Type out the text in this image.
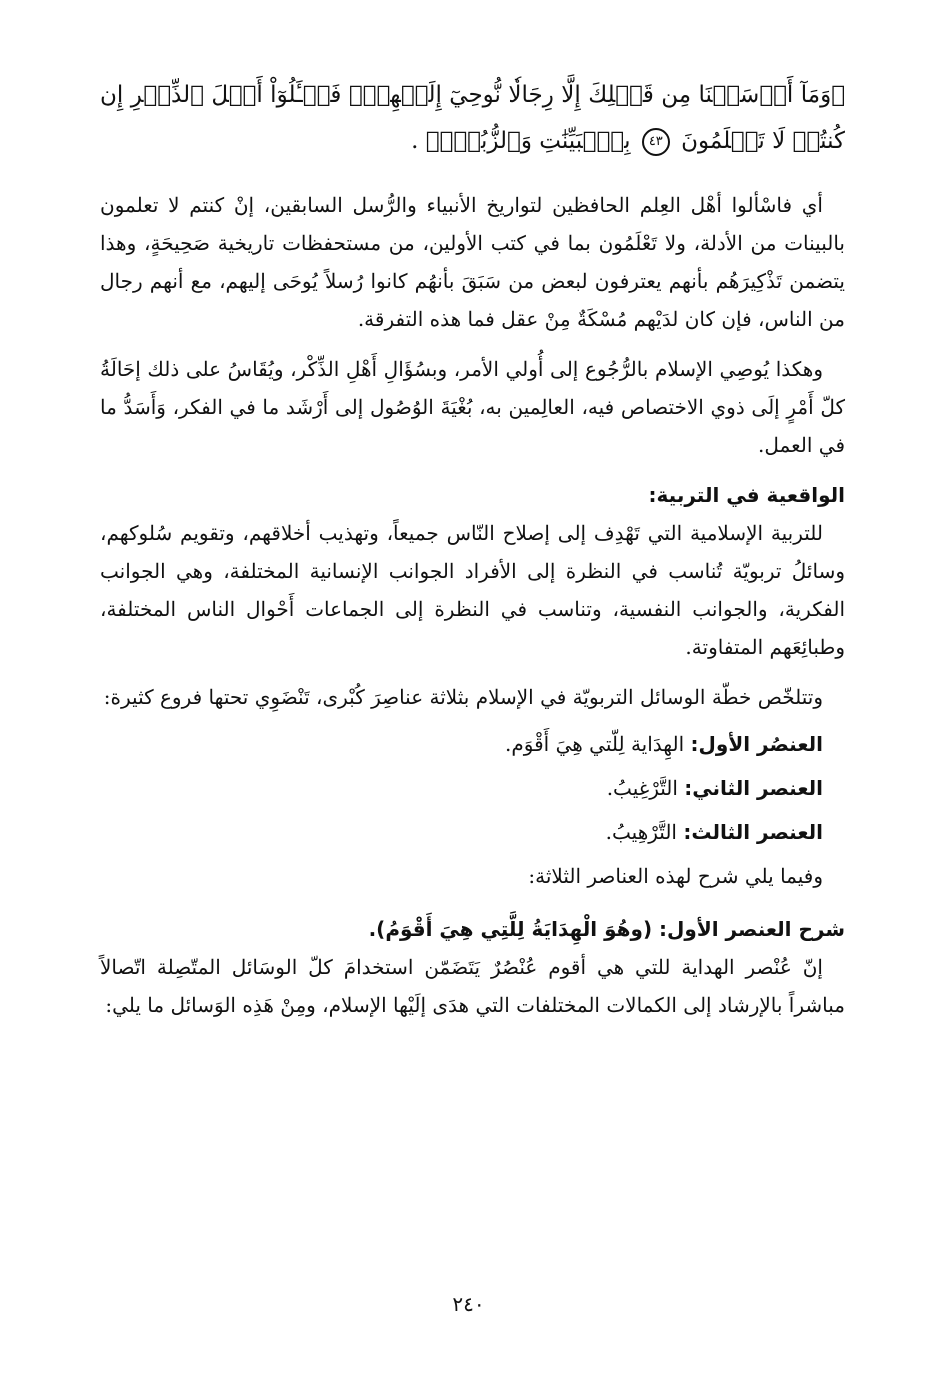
﴿وَمَآ أَرۡسَلۡنَا مِن قَبۡلِكَ إِلَّا رِجَالٗا نُّوحِيٓ إِلَيۡهِمۡۖ فَسۡـَٔلُوٓاْ أَهۡلَ ٱلذِّكۡرِ إِن كُنتُمۡ لَا تَعۡلَمُونَ ٤٣ بِٱلۡبَيِّنَٰتِ وَٱلزُّبُرِۗ﴾ .

أي فاسْألوا أهْل العِلم الحافظين لتواريخ الأنبياء والرُّسل السابقين، إنْ كنتم لا تعلمون بالبينات من الأدلة، ولا تَعْلَمُون بما في كتب الأولين، من مستحفظات تاريخية صَحِيحَةٍ، وهذا يتضمن تَذْكِيرَهُم بأنهم يعترفون لبعض من سَبَقَ بأنهُم كانوا رُسلاً يُوحَى إليهم، مع أنهم رجال من الناس، فإن كان لدَيْهم مُسْكَةٌ مِنْ عقل فما هذه التفرقة.

وهكذا يُوصِي الإسلام بالرُّجُوع إلى أُولي الأمر، وبسُؤَالِ أَهْلِ الذِّكْر، ويُقَاسُ على ذلك إحَالَةُ كلّ أَمْرٍ إلَى ذوي الاختصاص فيه، العالِمين به، بُغْيَةَ الوُصُول إلى أَرْشَد ما في الفكر، وَأَسَدُّ ما في العمل.

الواقعية في التربية:

للتربية الإسلامية التي تَهْدِف إلى إصلاح النّاس جميعاً، وتهذيب أخلاقهم، وتقويم سُلوكهم، وسائلُ تربويّة تُناسب في النظرة إلى الأفراد الجوانب الإنسانية المختلفة، وهي الجوانب الفكرية، والجوانب النفسية، وتناسب في النظرة إلى الجماعات أَحْوال الناس المختلفة، وطبائِعَهم المتفاوتة.

وتتلخّص خطّة الوسائل التربويّة في الإسلام بثلاثة عناصِرَ كُبْرى، تَنْضَوِي تحتها فروع كثيرة:

العنصُر الأول: الهِدَاية لِلّتي هِيَ أَقْوَم.
العنصر الثاني: التَّرْغِيبُ.
العنصر الثالث: التَّرْهِيبُ.

وفيما يلي شرح لهذه العناصر الثلاثة:

شرح العنصر الأول: (وهُوَ الْهِدَايَةُ لِلَّتِي هِيَ أَقْوَمُ).

إنّ عُنْصر الهداية للتي هي أقوم عُنْصُرٌ يَتَضَمّن استخدامَ كلّ الوسَائل المتّصِلة اتّصالاً مباشراً بالإرشاد إلى الكمالات المختلفات التي هدَى إلَيْها الإسلام، ومِنْ هَذِه الوَسائل ما يلي:

٢٤٠
